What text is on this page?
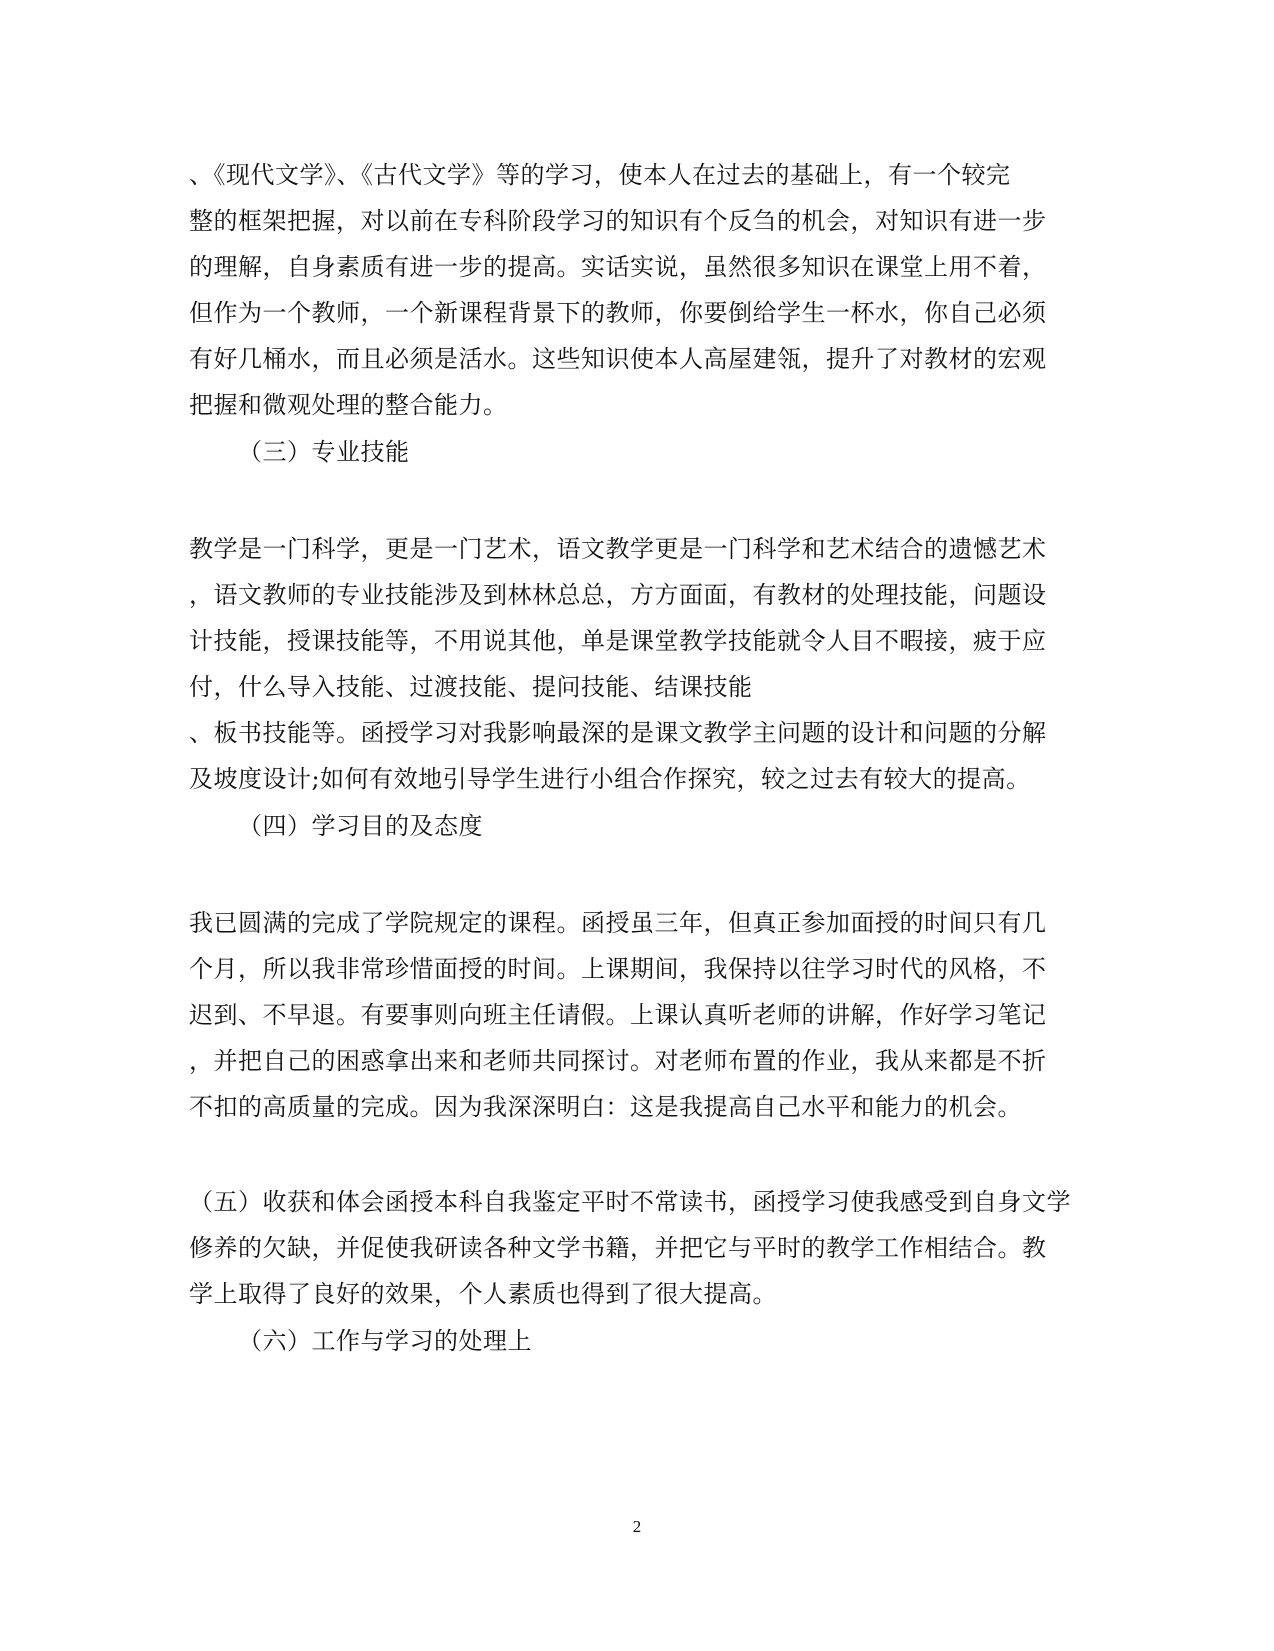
、《现代文学》、《古代文学》等的学习，使本人在过去的基础上，有一个较完
整的框架把握，对以前在专科阶段学习的知识有个反刍的机会，对知识有进一步
的理解，自身素质有进一步的提高。实话实说，虽然很多知识在课堂上用不着，
但作为一个教师，一个新课程背景下的教师，你要倒给学生一杯水，你自己必须
有好几桶水，而且必须是活水。这些知识使本人高屋建瓴，提升了对教材的宏观
把握和微观处理的整合能力。
（三）专业技能
教学是一门科学，更是一门艺术，语文教学更是一门科学和艺术结合的遗憾艺术
，语文教师的专业技能涉及到林林总总，方方面面，有教材的处理技能，问题设
计技能，授课技能等，不用说其他，单是课堂教学技能就令人目不暇接，疲于应
付，什么导入技能、过渡技能、提问技能、结课技能
、板书技能等。函授学习对我影响最深的是课文教学主问题的设计和问题的分解
及坡度设计;如何有效地引导学生进行小组合作探究，较之过去有较大的提高。
（四）学习目的及态度
我已圆满的完成了学院规定的课程。函授虽三年，但真正参加面授的时间只有几
个月，所以我非常珍惜面授的时间。上课期间，我保持以往学习时代的风格，不
迟到、不早退。有要事则向班主任请假。上课认真听老师的讲解，作好学习笔记
，并把自己的困惑拿出来和老师共同探讨。对老师布置的作业，我从来都是不折
不扣的高质量的完成。因为我深深明白：这是我提高自己水平和能力的机会。
（五）收获和体会函授本科自我鉴定平时不常读书，函授学习使我感受到自身文学
修养的欠缺，并促使我研读各种文学书籍，并把它与平时的教学工作相结合。教
学上取得了良好的效果，个人素质也得到了很大提高。
（六）工作与学习的处理上
2
